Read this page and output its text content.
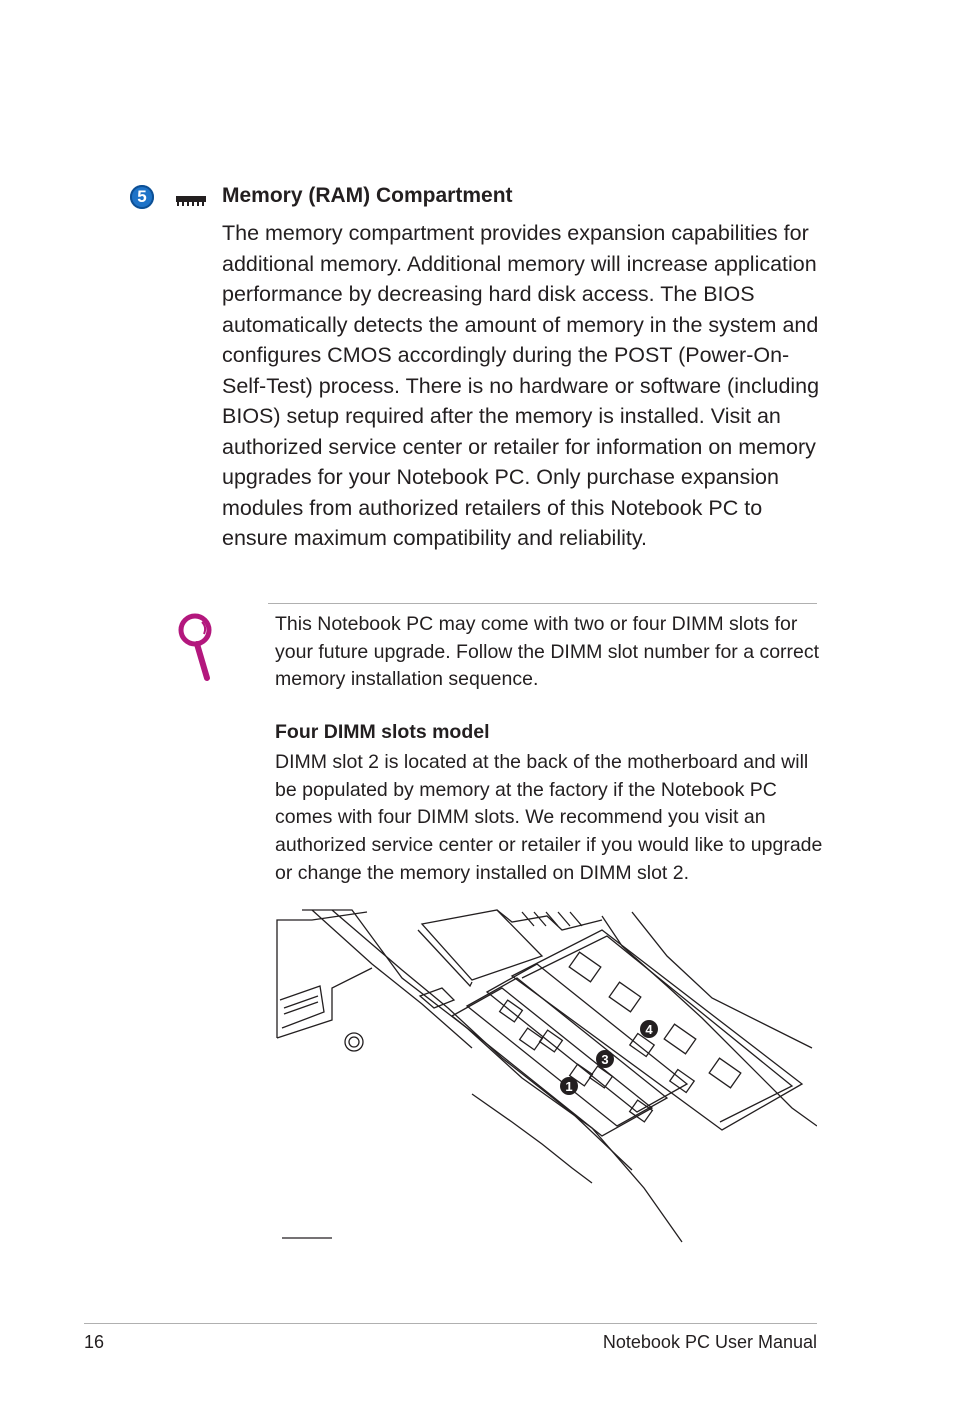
5	Memory (RAM) Compartment

The memory compartment provides expansion capabilities for additional memory. Additional memory will increase application performance by decreasing hard disk access. The BIOS automatically detects the amount of memory in the system and configures CMOS accordingly during the POST (Power-On-Self-Test) process. There is no hardware or software (including BIOS) setup required after the memory is installed. Visit an authorized service center or retailer for information on memory upgrades for your Notebook PC. Only purchase expansion modules from authorized retailers of this Notebook PC to ensure maximum compatibility and reliability.

This Notebook PC may come with two or four DIMM slots for your future upgrade. Follow the DIMM slot number for a correct memory installation sequence.

Four DIMM slots model

DIMM slot 2 is located at the back of the motherboard and will be populated by memory at the factory if the Notebook PC comes with four DIMM slots. We recommend you visit an authorized service center or retailer if you would like to upgrade or change the memory installed on DIMM slot 2.

4
3
1

16	Notebook PC User Manual
